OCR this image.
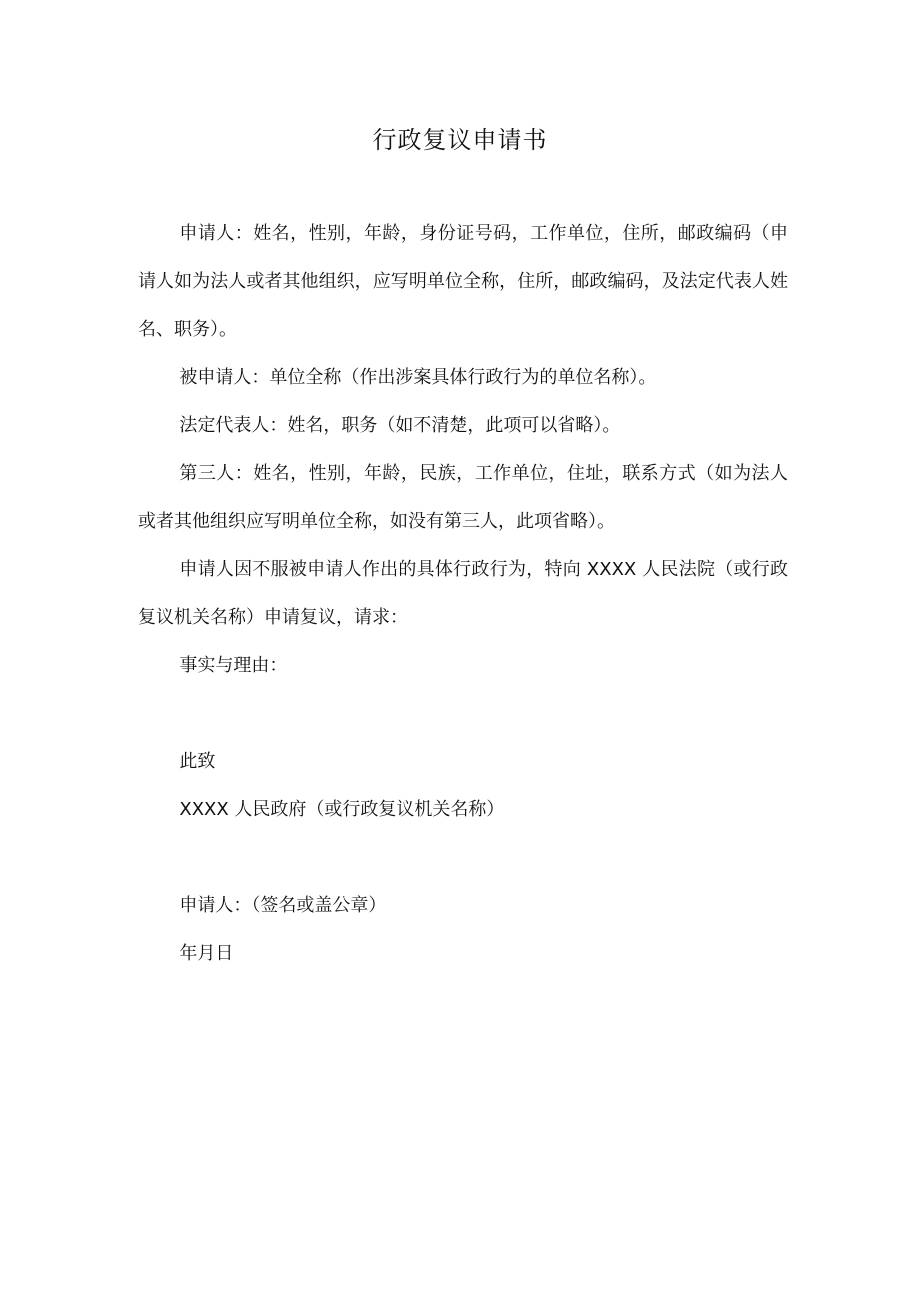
行政复议申请书

申请人：姓名，性别，年龄，身份证号码，工作单位，住所，邮政编码（申请人如为法人或者其他组织，应写明单位全称，住所，邮政编码，及法定代表人姓名、职务）。

被申请人：单位全称（作出涉案具体行政行为的单位名称）。

法定代表人：姓名，职务（如不清楚，此项可以省略）。

第三人：姓名，性别，年龄，民族，工作单位，住址，联系方式（如为法人或者其他组织应写明单位全称，如没有第三人，此项省略）。

申请人因不服被申请人作出的具体行政行为，特向 XXXX 人民法院（或行政复议机关名称）申请复议，请求：

事实与理由：

此致

XXXX 人民政府（或行政复议机关名称）

申请人：（签名或盖公章）

年月日
